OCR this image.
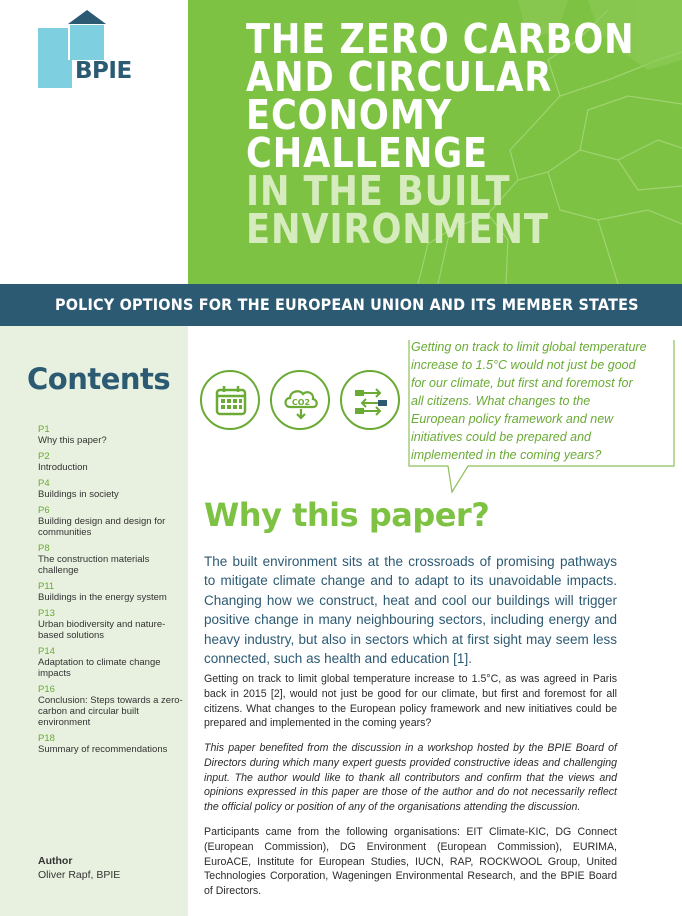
BPIE
THE ZERO CARBON
AND CIRCULAR
ECONOMY
CHALLENGE
IN THE BUILT
ENVIRONMENT
POLICY OPTIONS FOR THE EUROPEAN UNION AND ITS MEMBER STATES
Contents
P1
Why this paper?
P2
Introduction
P4
Buildings in society
P6
Building design and design for communities
P8
The construction materials challenge
P11
Buildings in the energy system
P13
Urban biodiversity and nature-based solutions
P14
Adaptation to climate change impacts
P16
Conclusion: Steps towards a zero-carbon and circular built environment
P18
Summary of recommendations
Author
Oliver Rapf, BPIE
CO2
Getting on track to limit global temperature increase to 1.5°C would not just be good for our climate, but first and foremost for all citizens. What changes to the European policy framework and new initiatives could be prepared and implemented in the coming years?
Why this paper?
The built environment sits at the crossroads of promising pathways to mitigate climate change and to adapt to its unavoidable impacts. Changing how we construct, heat and cool our buildings will trigger positive change in many neighbouring sectors, including energy and heavy industry, but also in sectors which at first sight may seem less connected, such as health and education [1].
Getting on track to limit global temperature increase to 1.5°C, as was agreed in Paris back in 2015 [2], would not just be good for our climate, but first and foremost for all citizens. What changes to the European policy framework and new initiatives could be prepared and implemented in the coming years?
This paper benefited from the discussion in a workshop hosted by the BPIE Board of Directors during which many expert guests provided constructive ideas and challenging input. The author would like to thank all contributors and confirm that the views and opinions expressed in this paper are those of the author and do not necessarily reflect the official policy or position of any of the organisations attending the discussion.
Participants came from the following organisations: EIT Climate-KIC, DG Connect (European Commission), DG Environment (European Commission), EURIMA, EuroACE, Institute for European Studies, IUCN, RAP, ROCKWOOL Group, United Technologies Corporation, Wageningen Environmental Research, and the BPIE Board of Directors.
